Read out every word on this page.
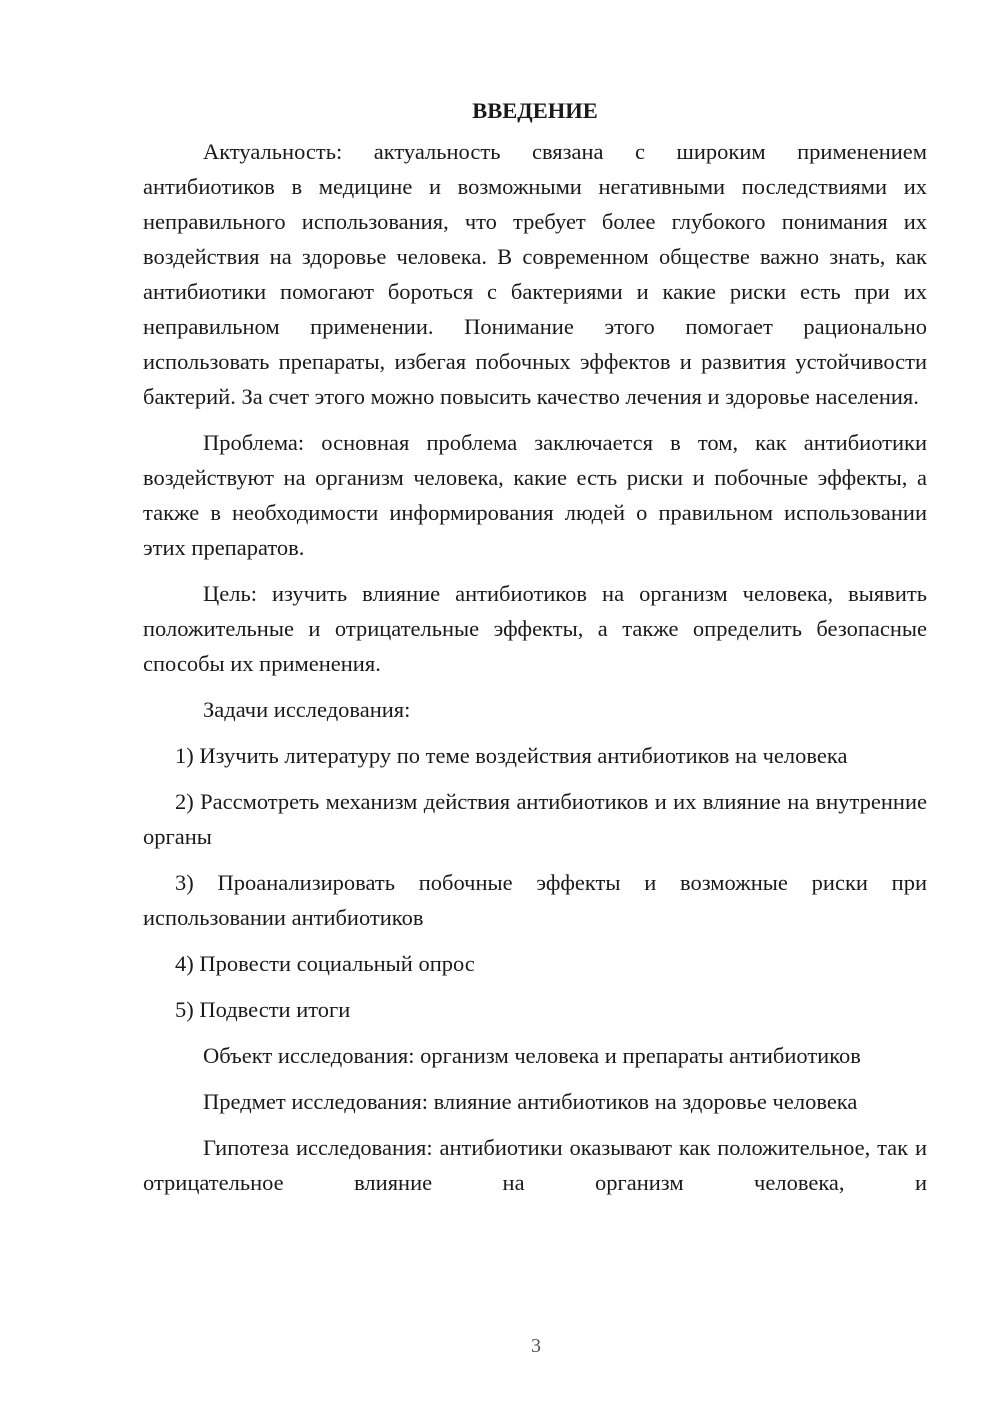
ВВЕДЕНИЕ

Актуальность: актуальность связана с широким применением антибиотиков в медицине и возможными негативными последствиями их неправильного использования, что требует более глубокого понимания их воздействия на здоровье человека. В современном обществе важно знать, как антибиотики помогают бороться с бактериями и какие риски есть при их неправильном применении. Понимание этого помогает рационально использовать препараты, избегая побочных эффектов и развития устойчивости бактерий. За счет этого можно повысить качество лечения и здоровье населения.

Проблема: основная проблема заключается в том, как антибиотики воздействуют на организм человека, какие есть риски и побочные эффекты, а также в необходимости информирования людей о правильном использовании этих препаратов.

Цель: изучить влияние антибиотиков на организм человека, выявить положительные и отрицательные эффекты, а также определить безопасные способы их применения.

Задачи исследования:

1) Изучить литературу по теме воздействия антибиотиков на человека

2) Рассмотреть механизм действия антибиотиков и их влияние на внутренние органы

3) Проанализировать побочные эффекты и возможные риски при использовании антибиотиков

4) Провести социальный опрос

5) Подвести итоги

Объект исследования: организм человека и препараты антибиотиков

Предмет исследования: влияние антибиотиков на здоровье человека

Гипотеза исследования: антибиотики оказывают как положительное, так и отрицательное влияние на организм человека, и

3
